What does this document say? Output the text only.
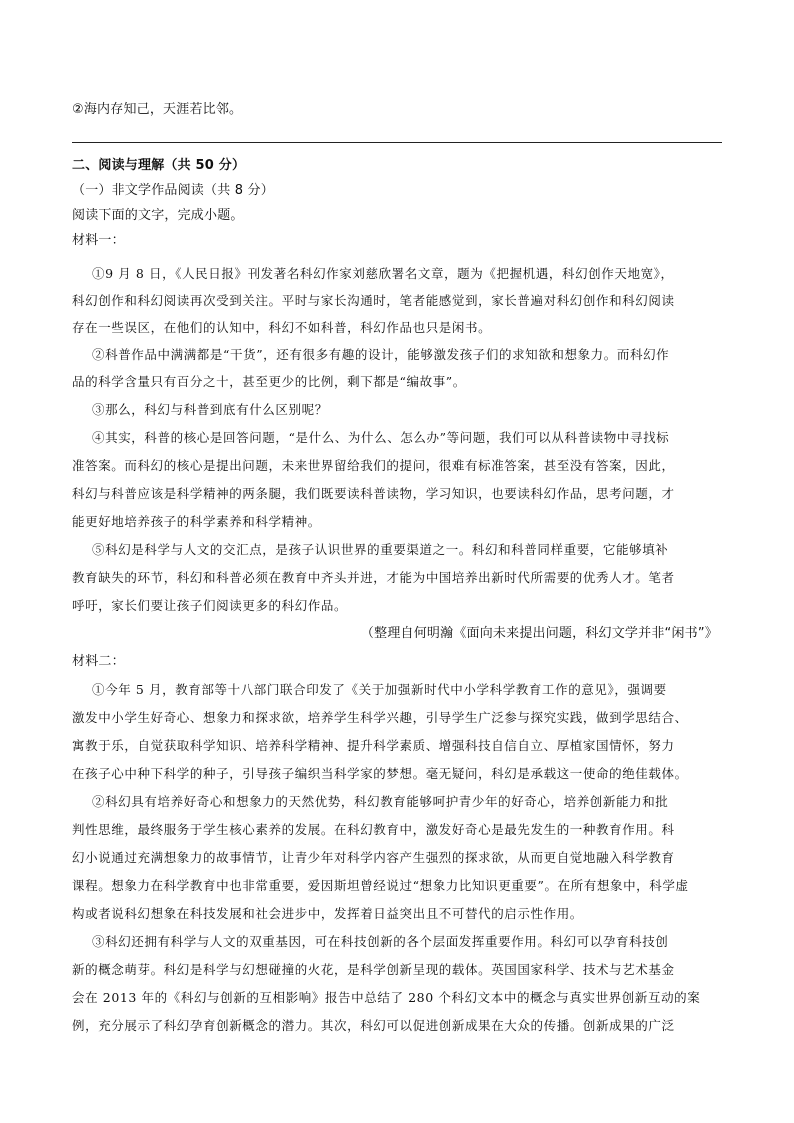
②海内存知己，天涯若比邻。
二、阅读与理解（共 50 分）
（一）非文学作品阅读（共 8 分）
阅读下面的文字，完成小题。
材料一：
①9 月 8 日，《人民日报》刊发著名科幻作家刘慈欣署名文章，题为《把握机遇，科幻创作天地宽》，
科幻创作和科幻阅读再次受到关注。平时与家长沟通时，笔者能感觉到，家长普遍对科幻创作和科幻阅读
存在一些误区，在他们的认知中，科幻不如科普，科幻作品也只是闲书。
②科普作品中满满都是“干货”，还有很多有趣的设计，能够激发孩子们的求知欲和想象力。而科幻作
品的科学含量只有百分之十，甚至更少的比例，剩下都是“编故事”。
③那么，科幻与科普到底有什么区别呢？
④其实，科普的核心是回答问题，“是什么、为什么、怎么办”等问题，我们可以从科普读物中寻找标
准答案。而科幻的核心是提出问题，未来世界留给我们的提问，很难有标准答案，甚至没有答案，因此，
科幻与科普应该是科学精神的两条腿，我们既要读科普读物，学习知识，也要读科幻作品，思考问题，才
能更好地培养孩子的科学素养和科学精神。
⑤科幻是科学与人文的交汇点，是孩子认识世界的重要渠道之一。科幻和科普同样重要，它能够填补
教育缺失的环节，科幻和科普必须在教育中齐头并进，才能为中国培养出新时代所需要的优秀人才。笔者
呼吁，家长们要让孩子们阅读更多的科幻作品。
（整理自何明瀚《面向未来提出问题，科幻文学并非“闲书”》
材料二：
①今年 5 月，教育部等十八部门联合印发了《关于加强新时代中小学科学教育工作的意见》，强调要
激发中小学生好奇心、想象力和探求欲，培养学生科学兴趣，引导学生广泛参与探究实践，做到学思结合、
寓教于乐，自觉获取科学知识、培养科学精神、提升科学素质、增强科技自信自立、厚植家国情怀，努力
在孩子心中种下科学的种子，引导孩子编织当科学家的梦想。毫无疑问，科幻是承载这一使命的绝佳载体。
②科幻具有培养好奇心和想象力的天然优势，科幻教育能够呵护青少年的好奇心，培养创新能力和批
判性思维，最终服务于学生核心素养的发展。在科幻教育中，激发好奇心是最先发生的一种教育作用。科
幻小说通过充满想象力的故事情节，让青少年对科学内容产生强烈的探求欲，从而更自觉地融入科学教育
课程。想象力在科学教育中也非常重要，爱因斯坦曾经说过“想象力比知识更重要”。在所有想象中，科学虚
构或者说科幻想象在科技发展和社会进步中，发挥着日益突出且不可替代的启示性作用。
③科幻还拥有科学与人文的双重基因，可在科技创新的各个层面发挥重要作用。科幻可以孕育科技创
新的概念萌芽。科幻是科学与幻想碰撞的火花，是科学创新呈现的载体。英国国家科学、技术与艺术基金
会在 2013 年的《科幻与创新的互相影响》报告中总结了 280 个科幻文本中的概念与真实世界创新互动的案
例，充分展示了科幻孕育创新概念的潜力。其次，科幻可以促进创新成果在大众的传播。创新成果的广泛
